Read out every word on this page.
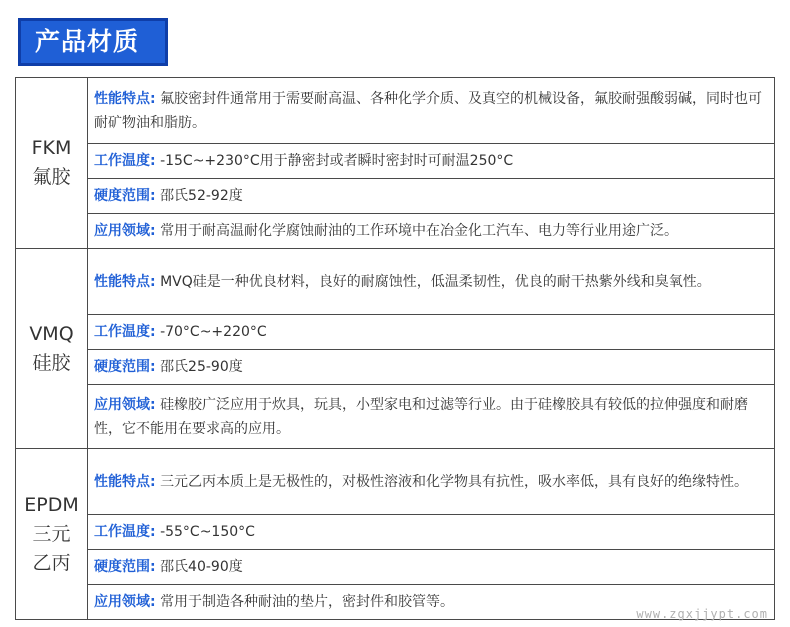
产品材质
FKM
氟胶	性能特点: 氟胶密封件通常用于需要耐高温、各种化学介质、及真空的机械设备，氟胶耐强酸弱碱，同时也可耐矿物油和脂肪。
	工作温度: -15C~+230°C用于静密封或者瞬时密封时可耐温250°C
	硬度范围: 邵氏52-92度
	应用领域: 常用于耐高温耐化学腐蚀耐油的工作环境中在冶金化工汽车、电力等行业用途广泛。

VMQ
硅胶	性能特点: MVQ硅是一种优良材料，良好的耐腐蚀性，低温柔韧性，优良的耐干热紫外线和臭氧性。
	工作温度: -70°C~+220°C
	硬度范围: 邵氏25-90度
	应用领域: 硅橡胶广泛应用于炊具，玩具，小型家电和过滤等行业。由于硅橡胶具有较低的拉伸强度和耐磨性，它不能用在要求高的应用。

EPDM
三元
乙丙	性能特点: 三元乙丙本质上是无极性的，对极性溶液和化学物具有抗性，吸水率低，具有良好的绝缘特性。
	工作温度: -55°C~150°C
	硬度范围: 邵氏40-90度
	应用领域: 常用于制造各种耐油的垫片，密封件和胶管等。
www.zgxjjypt.com
